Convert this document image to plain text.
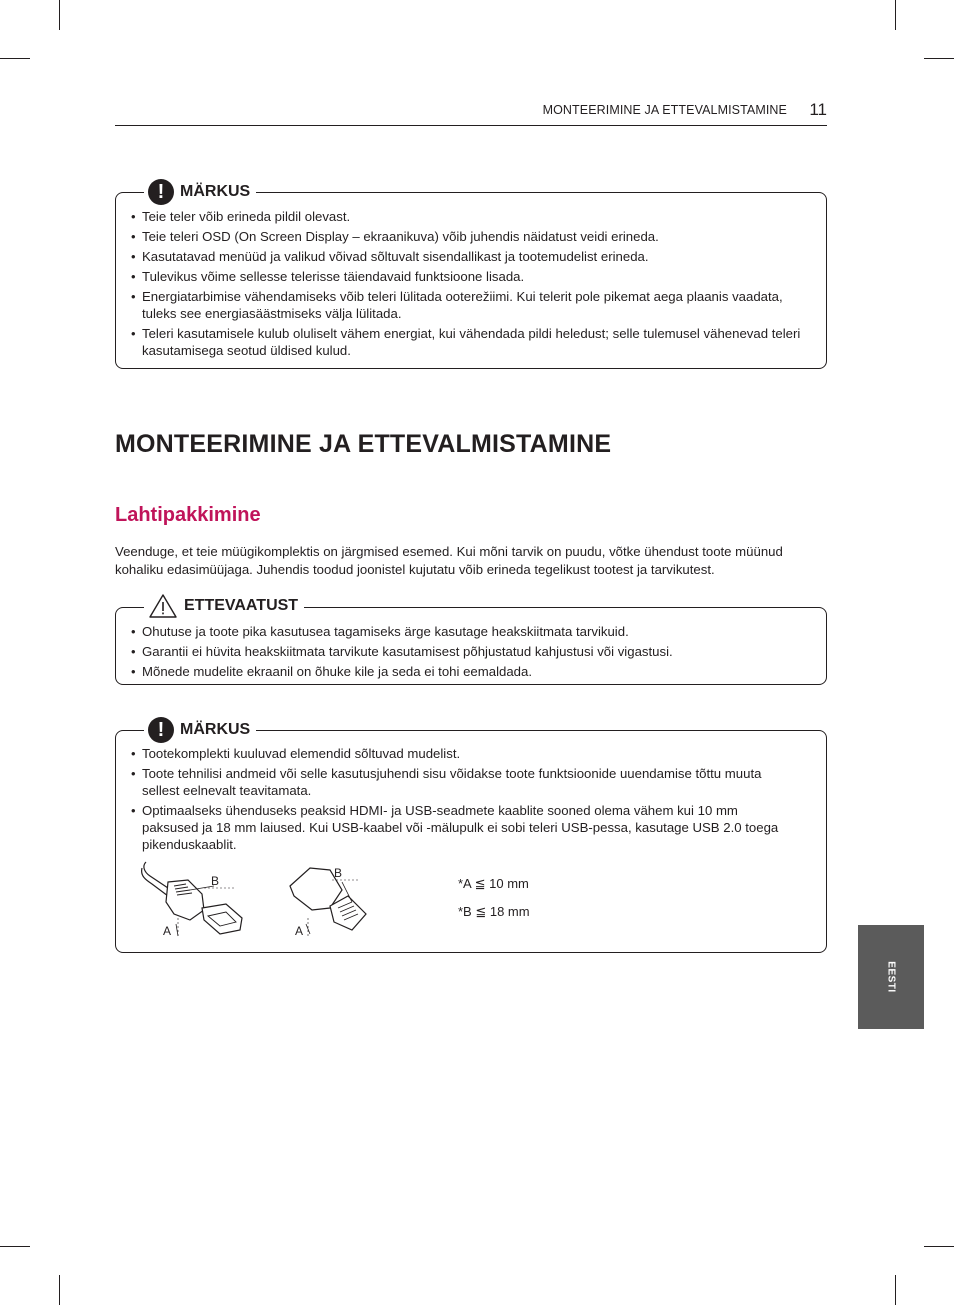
MONTEERIMINE JA ETTEVALMISTAMINE 11
! MÄRKUS
• Teie teler võib erineda pildil olevast.
• Teie teleri OSD (On Screen Display – ekraanikuva) võib juhendis näidatust veidi erineda.
• Kasutatavad menüüd ja valikud võivad sõltuvalt sisendallikast ja tootemudelist erineda.
• Tulevikus võime sellesse telerisse täiendavaid funktsioone lisada.
• Energiatarbimise vähendamiseks võib teleri lülitada ooterežiimi. Kui telerit pole pikemat aega plaanis vaadata, tuleks see energiasäästmiseks välja lülitada.
• Teleri kasutamisele kulub oluliselt vähem energiat, kui vähendada pildi heledust; selle tulemusel vähenevad teleri kasutamisega seotud üldised kulud.
MONTEERIMINE JA ETTEVALMISTAMINE
Lahtipakkimine

Veenduge, et teie müügikomplektis on järgmised esemed. Kui mõni tarvik on puudu, võtke ühendust toote müünud kohaliku edasimüüjaga. Juhendis toodud joonistel kujutatu võib erineda tegelikust tootest ja tarvikutest.

ETTEVAATUST
• Ohutuse ja toote pika kasutusea tagamiseks ärge kasutage heakskiitmata tarvikuid.
• Garantii ei hüvita heakskiitmata tarvikute kasutamisest põhjustatud kahjustusi või vigastusi.
• Mõnede mudelite ekraanil on õhuke kile ja seda ei tohi eemaldada.
! MÄRKUS
• Tootekomplekti kuuluvad elemendid sõltuvad mudelist.
• Toote tehnilisi andmeid või selle kasutusjuhendi sisu võidakse toote funktsioonide uuendamise tõttu muuta sellest eelnevalt teavitamata.
• Optimaalseks ühenduseks peaksid HDMI- ja USB-seadmete kaablite sooned olema vähem kui 10 mm paksused ja 18 mm laiused. Kui USB-kaabel või -mälupulk ei sobi teleri USB-pessa, kasutage USB 2.0 toega pikenduskaablit.
B
A
B
A
*A ≦ 10 mm
*B ≦ 18 mm
EESTI
